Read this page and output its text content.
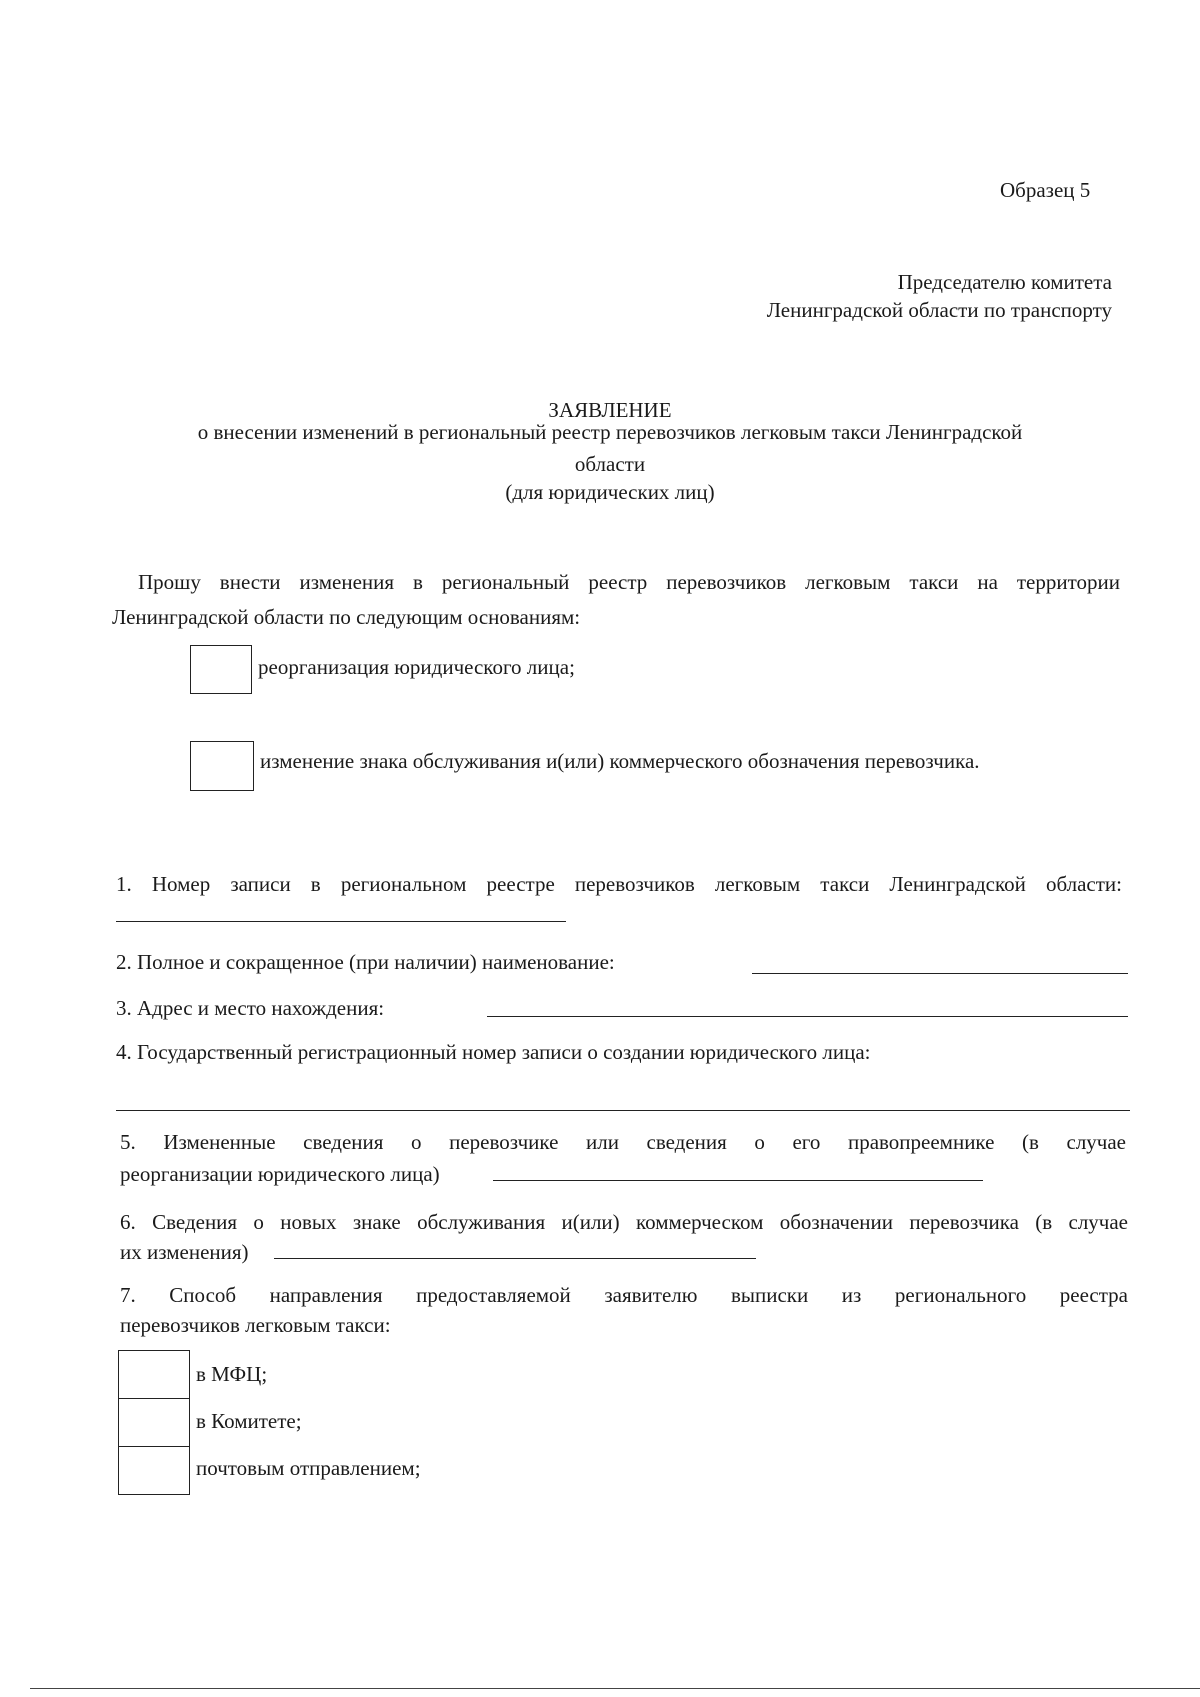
Образец 5
Председателю комитета
Ленинградской области по транспорту
ЗАЯВЛЕНИЕ
о внесении изменений в региональный реестр перевозчиков легковым такси Ленинградской
области
(для юридических лиц)
Прошу внести изменения в региональный реестр перевозчиков легковым такси на территории
Ленинградской области по следующим основаниям:
реорганизация юридического лица;
изменение знака обслуживания и(или) коммерческого обозначения перевозчика.
1. Номер записи в региональном реестре перевозчиков легковым такси Ленинградской области:
2. Полное и сокращенное (при наличии) наименование:
3. Адрес и место нахождения:
4. Государственный регистрационный номер записи о создании юридического лица:
5. Измененные сведения о перевозчике или сведения о его правопреемнике (в случае
реорганизации юридического лица)
6. Сведения о новых знаке обслуживания и(или) коммерческом обозначении перевозчика (в случае
их изменения)
7. Способ направления предоставляемой заявителю выписки из регионального реестра
перевозчиков легковым такси:
в МФЦ;
в Комитете;
почтовым отправлением;
